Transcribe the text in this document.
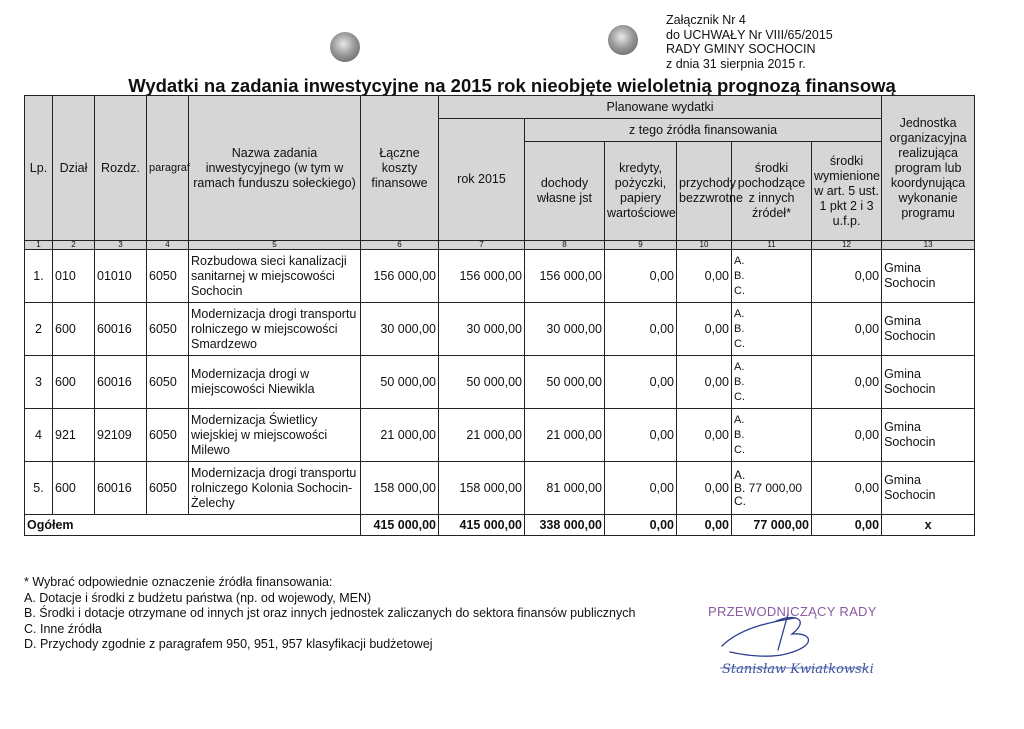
Załącznik Nr 4
do UCHWAŁY Nr VIII/65/2015
RADY GMINY SOCHOCIN
z dnia 31 sierpnia 2015 r.
Wydatki na zadania inwestycyjne na 2015 rok nieobjęte wieloletnią prognozą finansową
Lp.	Dział	Rozdz.	paragraf	Nazwa zadania inwestycyjnego (w tym w ramach funduszu sołeckiego)	Łączne koszty finansowe	Planowane wydatki						Jednostka organizacyjna realizująca program lub koordynująca wykonanie programu
						rok 2015	z tego źródła finansowania					
							dochody własne jst	kredyty, pożyczki, papiery wartościowe	przychody bezzwrotne	środki pochodzące z innych źródeł*	środki wymienione w art. 5 ust. 1 pkt 2 i 3 u.f.p.	
1	2	3	4	5	6	7	8	9	10	11	12	13
1.	010	01010	6050	Rozbudowa sieci kanalizacji sanitarnej w miejscowości Sochocin	156 000,00	156 000,00	156 000,00	0,00	0,00	A.
B.
C.	0,00	Gmina Sochocin
2	600	60016	6050	Modernizacja drogi transportu rolniczego w miejscowości Smardzewo	30 000,00	30 000,00	30 000,00	0,00	0,00	A.
B.
C.	0,00	Gmina Sochocin
3	600	60016	6050	Modernizacja drogi w miejscowości Niewikla	50 000,00	50 000,00	50 000,00	0,00	0,00	A.
B.
C.	0,00	Gmina Sochocin
4	921	92109	6050	Modernizacja Świetlicy wiejskiej w miejscowości Milewo	21 000,00	21 000,00	21 000,00	0,00	0,00	A.
B.
C.	0,00	Gmina Sochocin
5.	600	60016	6050	Modernizacja drogi transportu rolniczego Kolonia Sochocin-Żelechy	158 000,00	158 000,00	81 000,00	0,00	0,00	A.
B. 77 000,00
C.	0,00	Gmina Sochocin
Ogółem					415 000,00	415 000,00	338 000,00	0,00	0,00	77 000,00	0,00	x
* Wybrać odpowiednie oznaczenie źródła finansowania:
A. Dotacje i środki z budżetu państwa (np. od wojewody, MEN)
B. Środki i dotacje otrzymane od innych jst oraz innych jednostek zaliczanych do sektora finansów publicznych
C. Inne źródła
D. Przychody zgodnie z paragrafem 950, 951, 957 klasyfikacji budżetowej
PRZEWODNICZĄCY RADY
Stanisław Kwiatkowski
